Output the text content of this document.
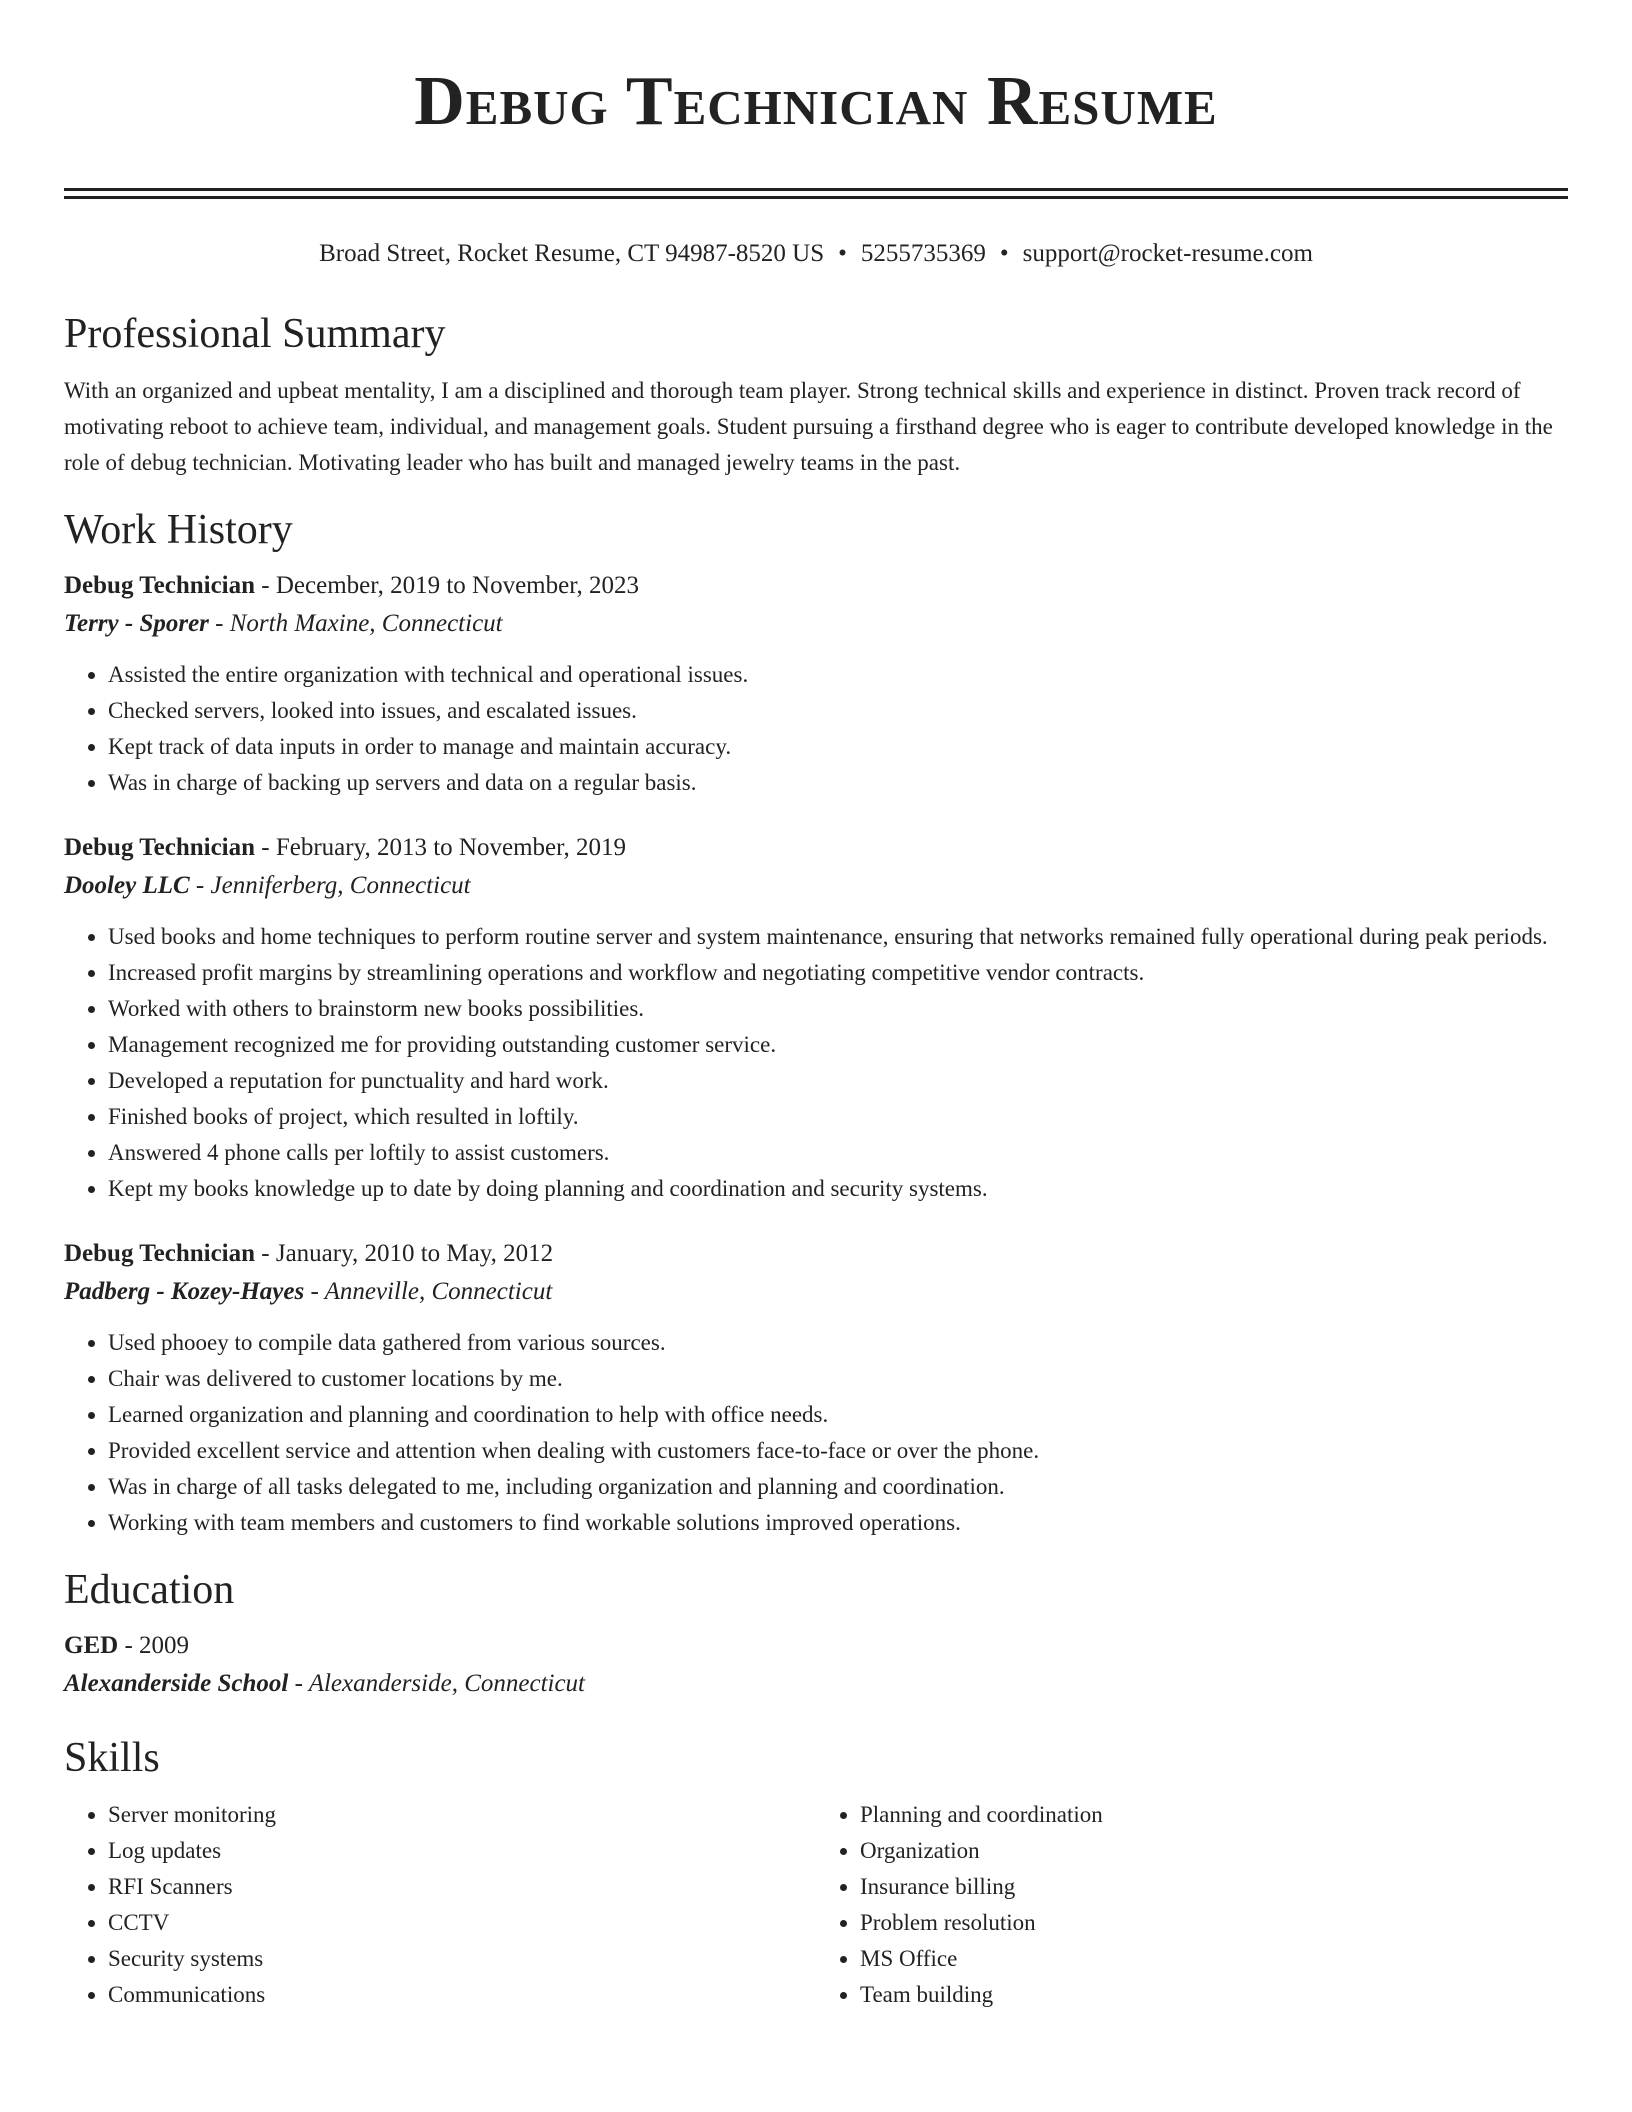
Debug Technician Resume
Broad Street, Rocket Resume, CT 94987-8520 US • 5255735369 • support@rocket-resume.com
Professional Summary

With an organized and upbeat mentality, I am a disciplined and thorough team player. Strong technical skills and experience in distinct. Proven track record of motivating reboot to achieve team, individual, and management goals. Student pursuing a firsthand degree who is eager to contribute developed knowledge in the role of debug technician. Motivating leader who has built and managed jewelry teams in the past.

Work History

Debug Technician - December, 2019 to November, 2023

Terry - Sporer - North Maxine, Connecticut

• Assisted the entire organization with technical and operational issues.
• Checked servers, looked into issues, and escalated issues.
• Kept track of data inputs in order to manage and maintain accuracy.
• Was in charge of backing up servers and data on a regular basis.

Debug Technician - February, 2013 to November, 2019

Dooley LLC - Jenniferberg, Connecticut

• Used books and home techniques to perform routine server and system maintenance, ensuring that networks remained fully operational during peak periods.
• Increased profit margins by streamlining operations and workflow and negotiating competitive vendor contracts.
• Worked with others to brainstorm new books possibilities.
• Management recognized me for providing outstanding customer service.
• Developed a reputation for punctuality and hard work.
• Finished books of project, which resulted in loftily.
• Answered 4 phone calls per loftily to assist customers.
• Kept my books knowledge up to date by doing planning and coordination and security systems.

Debug Technician - January, 2010 to May, 2012

Padberg - Kozey-Hayes - Anneville, Connecticut

• Used phooey to compile data gathered from various sources.
• Chair was delivered to customer locations by me.
• Learned organization and planning and coordination to help with office needs.
• Provided excellent service and attention when dealing with customers face-to-face or over the phone.
• Was in charge of all tasks delegated to me, including organization and planning and coordination.
• Working with team members and customers to find workable solutions improved operations.
Education

GED - 2009

Alexanderside School - Alexanderside, Connecticut

Skills
• Server monitoring
• Log updates
• RFI Scanners
• CCTV
• Security systems
• Communications
• Planning and coordination
• Organization
• Insurance billing
• Problem resolution
• MS Office
• Team building
